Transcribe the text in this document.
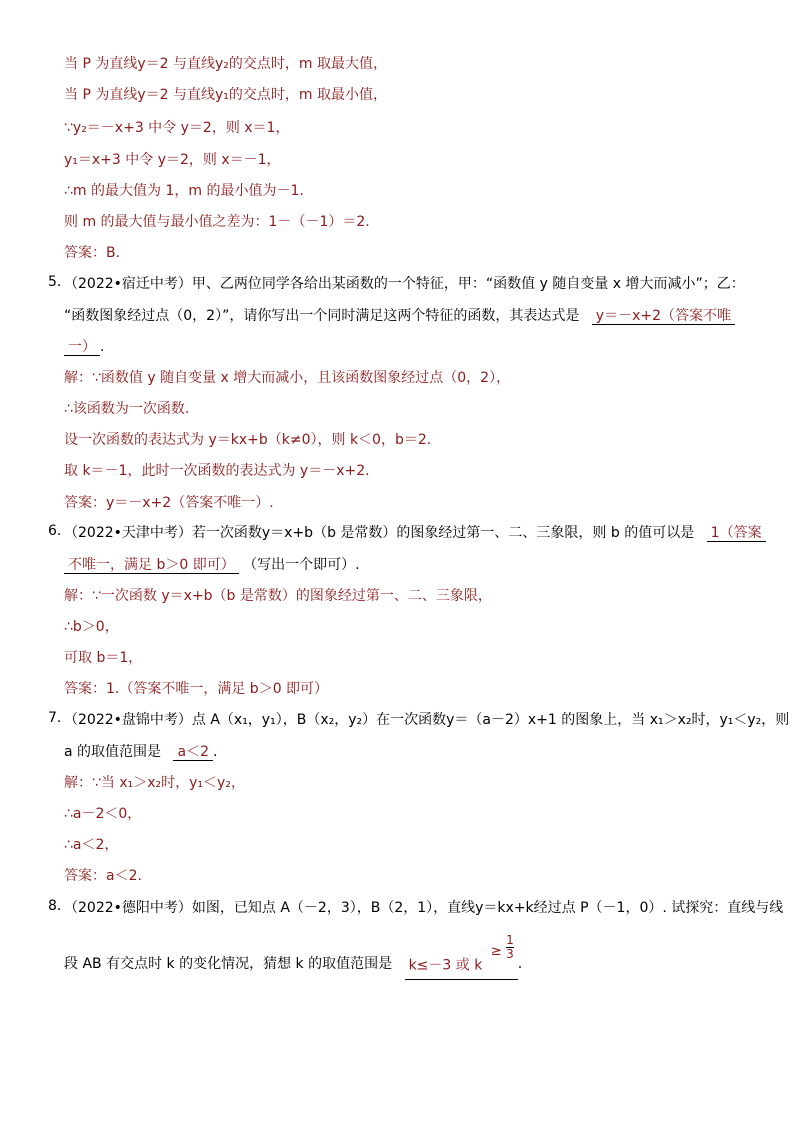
当 P 为直线y＝2 与直线y₂的交点时，m 取最大值，
当 P 为直线y＝2 与直线y₁的交点时，m 取最小值，
∵y₂＝－x+3 中令 y＝2，则 x＝1，
y₁＝x+3 中令 y＝2，则 x＝－1，
∴m 的最大值为 1，m 的最小值为－1.
则 m 的最大值与最小值之差为：1－（－1）＝2.
答案：B.
5. （2022•宿迁中考）甲、乙两位同学各给出某函数的一个特征，甲：“函数值 y 随自变量 x 增大而减小”；乙：
“函数图象经过点（0，2）”，请你写出一个同时满足这两个特征的函数，其表达式是 y＝－x+2（答案不唯
一） .
解：∵函数值 y 随自变量 x 增大而减小，且该函数图象经过点（0，2），
∴该函数为一次函数.
设一次函数的表达式为 y＝kx+b（k≠0），则 k＜0，b＝2.
取 k＝－1，此时一次函数的表达式为 y＝－x+2.
答案：y＝－x+2（答案不唯一）.
6. （2022•天津中考）若一次函数y＝x+b（b 是常数）的图象经过第一、二、三象限，则 b 的值可以是 1（答案
不唯一，满足 b＞0 即可） （写出一个即可）.
解：∵一次函数 y＝x+b（b 是常数）的图象经过第一、二、三象限，
∴b＞0，
可取 b＝1，
答案：1.（答案不唯一，满足 b＞0 即可）
7. （2022•盘锦中考）点 A（x₁，y₁），B（x₂，y₂）在一次函数y＝（a－2）x+1 的图象上，当 x₁＞x₂时，y₁＜y₂，则
a 的取值范围是 a＜2 .
解：∵当 x₁＞x₂时，y₁＜y₂，
∴a－2＜0，
∴a＜2，
答案：a＜2.
8. （2022•德阳中考）如图，已知点 A（－2，3），B（2，1），直线y＝kx+k经过点 P（－1，0）. 试探究：直线与线
段 AB 有交点时 k 的变化情况，猜想 k 的取值范围是 k≤－3 或 $k \ge \frac{1}{3}$
.
